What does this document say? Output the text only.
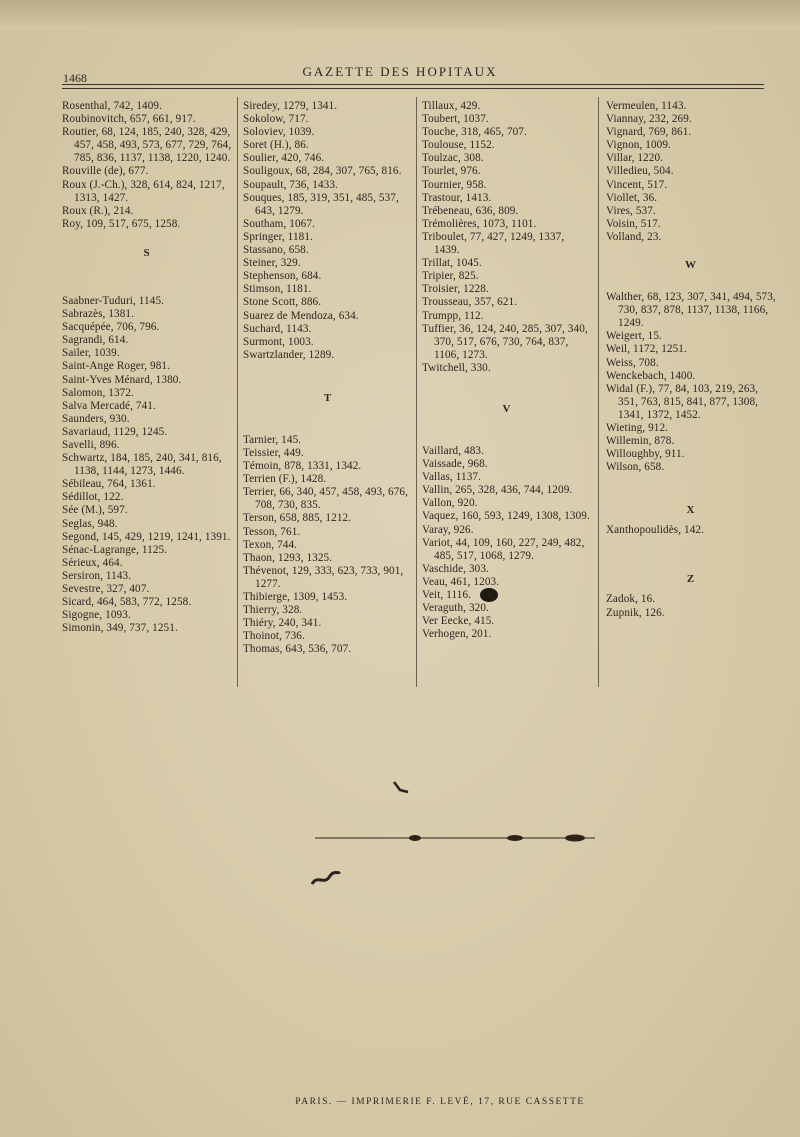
1468	GAZETTE DES HOPITAUX
Rosenthal, 742, 1409.
Roubinovitch, 657, 661, 917.
Routier, 68, 124, 185, 240, 328, 429, 457, 458, 493, 573, 677, 729, 764, 785, 836, 1137, 1138, 1220, 1240.
Rouville (de), 677.
Roux (J.-Ch.), 328, 614, 824, 1217, 1313, 1427.
Roux (R.), 214.
Roy, 109, 517, 675, 1258.
S
Saabner-Tuduri, 1145.
Sabrazès, 1381.
Sacquépée, 706, 796.
Sagrandi, 614.
Sailer, 1039.
Saint-Ange Roger, 981.
Saint-Yves Ménard, 1380.
Salomon, 1372.
Salva Mercadé, 741.
Saunders, 930.
Savariaud, 1129, 1245.
Savelli, 896.
Schwartz, 184, 185, 240, 341, 816, 1138, 1144, 1273, 1446.
Sébileau, 764, 1361.
Sédillot, 122.
Sée (M.), 597.
Seglas, 948.
Segond, 145, 429, 1219, 1241, 1391.
Sénac-Lagrange, 1125.
Sérieux, 464.
Sersiron, 1143.
Sevestre, 327, 407.
Sicard, 464, 583, 772, 1258.
Sigogne, 1093.
Simonin, 349, 737, 1251.
Siredey, 1279, 1341.
Sokolow, 717.
Soloviev, 1039.
Soret (H.), 86.
Soulier, 420, 746.
Souligoux, 68, 284, 307, 765, 816.
Soupault, 736, 1433.
Souques, 185, 319, 351, 485, 537, 643, 1279.
Southam, 1067.
Springer, 1181.
Stassano, 658.
Steiner, 329.
Stephenson, 684.
Stimson, 1181.
Stone Scott, 886.
Suarez de Mendoza, 634.
Suchard, 1143.
Surmont, 1003.
Swartzlander, 1289.
T
Tarnier, 145.
Teissier, 449.
Témoin, 878, 1331, 1342.
Terrien (F.), 1428.
Terrier, 66, 340, 457, 458, 493, 676, 708, 730, 835.
Terson, 658, 885, 1212.
Tesson, 761.
Texon, 744.
Thaon, 1293, 1325.
Thévenot, 129, 333, 623, 733, 901, 1277.
Thibierge, 1309, 1453.
Thierry, 328.
Thiéry, 240, 341.
Thoinot, 736.
Thomas, 643, 536, 707.
Tillaux, 429.
Toubert, 1037.
Touche, 318, 465, 707.
Toulouse, 1152.
Toulzac, 308.
Tourlet, 976.
Tournier, 958.
Trastour, 1413.
Trébeneau, 636, 809.
Trémolières, 1073, 1101.
Triboulet, 77, 427, 1249, 1337, 1439.
Trillat, 1045.
Tripier, 825.
Troisier, 1228.
Trousseau, 357, 621.
Trumpp, 112.
Tuffier, 36, 124, 240, 285, 307, 340, 370, 517, 676, 730, 764, 837, 1106, 1273.
Twitchell, 330.
V
Vaillard, 483.
Vaissade, 968.
Vallas, 1137.
Vallin, 265, 328, 436, 744, 1209.
Vallon, 920.
Vaquez, 160, 593, 1249, 1308, 1309.
Varay, 926.
Variot, 44, 109, 160, 227, 249, 482, 485, 517, 1068, 1279.
Vaschide, 303.
Veau, 461, 1203.
Veit, 1116.
Veraguth, 320.
Ver Eecke, 415.
Verhogen, 201.
Vermeulen, 1143.
Viannay, 232, 269.
Vignard, 769, 861.
Vignon, 1009.
Villar, 1220.
Villedieu, 504.
Vincent, 517.
Viollet, 36.
Vires, 537.
Voisin, 517.
Volland, 23.
W
Walther, 68, 123, 307, 341, 494, 573, 730, 837, 878, 1137, 1138, 1166, 1249.
Weigert, 15.
Weil, 1172, 1251.
Weiss, 708.
Wenckebach, 1400.
Widal (F.), 77, 84, 103, 219, 263, 351, 763, 815, 841, 877, 1308, 1341, 1372, 1452.
Wieting, 912.
Willemin, 878.
Willoughby, 911.
Wilson, 658.
X
Xanthopoulidès, 142.
Z
Zadok, 16.
Zupnik, 126.
PARIS. — IMPRIMERIE F. LEVÉ, 17, RUE CASSETTE
